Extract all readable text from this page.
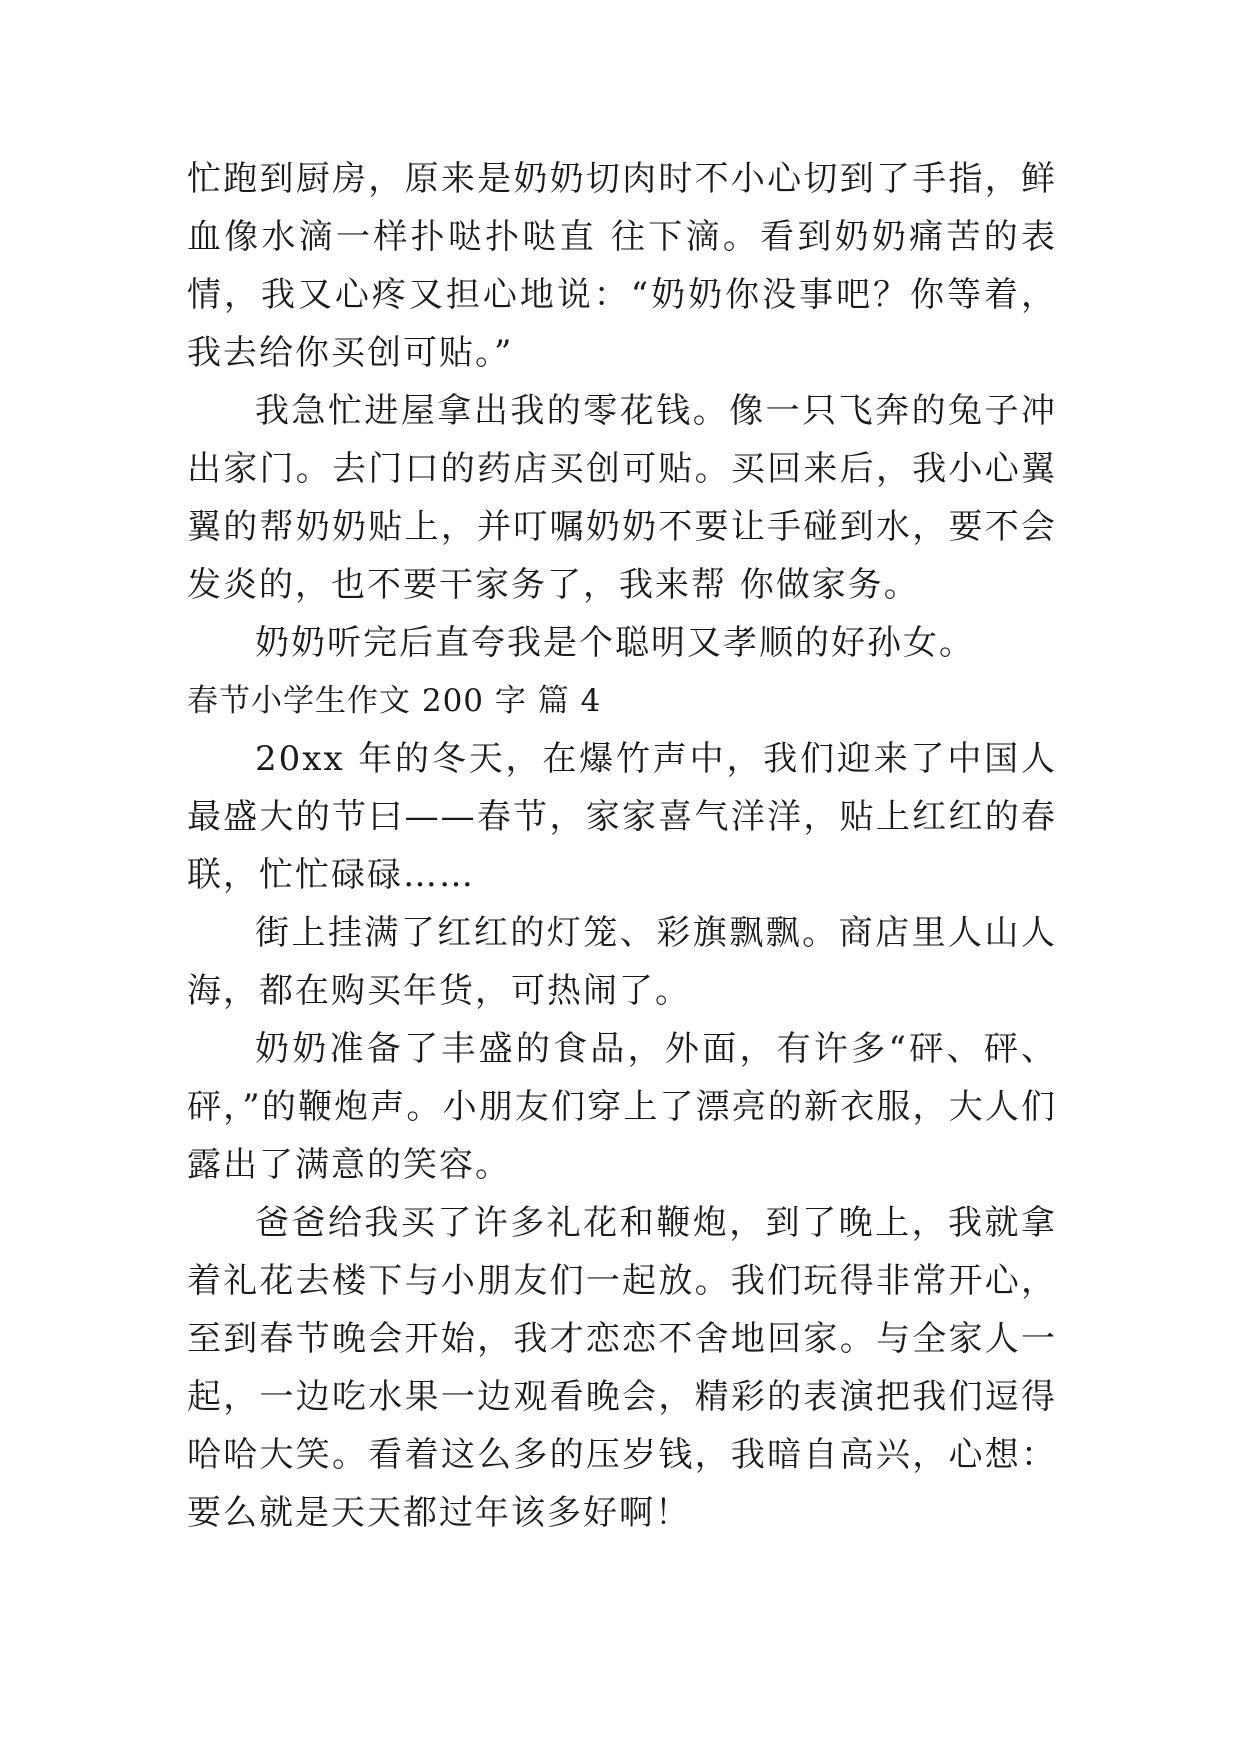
忙跑到厨房，原来是奶奶切肉时不小心切到了手指，鲜血像水滴一样扑哒扑哒直 往下滴。看到奶奶痛苦的表情，我又心疼又担心地说：“奶奶你没事吧？你等着，我去给你买创可贴。”

我急忙进屋拿出我的零花钱。像一只飞奔的兔子冲出家门。去门口的药店买创可贴。买回来后，我小心翼翼的帮奶奶贴上，并叮嘱奶奶不要让手碰到水，要不会发炎的，也不要干家务了，我来帮 你做家务。

奶奶听完后直夸我是个聪明又孝顺的好孙女。

春节小学生作文 200 字 篇 4

20xx 年的冬天，在爆竹声中，我们迎来了中国人最盛大的节曰——春节，家家喜气洋洋，贴上红红的春联，忙忙碌碌……

街上挂满了红红的灯笼、彩旗飘飘。商店里人山人海，都在购买年货，可热闹了。

奶奶准备了丰盛的食品，外面，有许多“砰、砰、砰，”的鞭炮声。小朋友们穿上了漂亮的新衣服，大人们露出了满意的笑容。

爸爸给我买了许多礼花和鞭炮，到了晚上，我就拿着礼花去楼下与小朋友们一起放。我们玩得非常开心，至到春节晚会开始，我才恋恋不舍地回家。与全家人一起，一边吃水果一边观看晚会，精彩的表演把我们逗得哈哈大笑。看着这么多的压岁钱，我暗自高兴，心想：要么就是天天都过年该多好啊！
